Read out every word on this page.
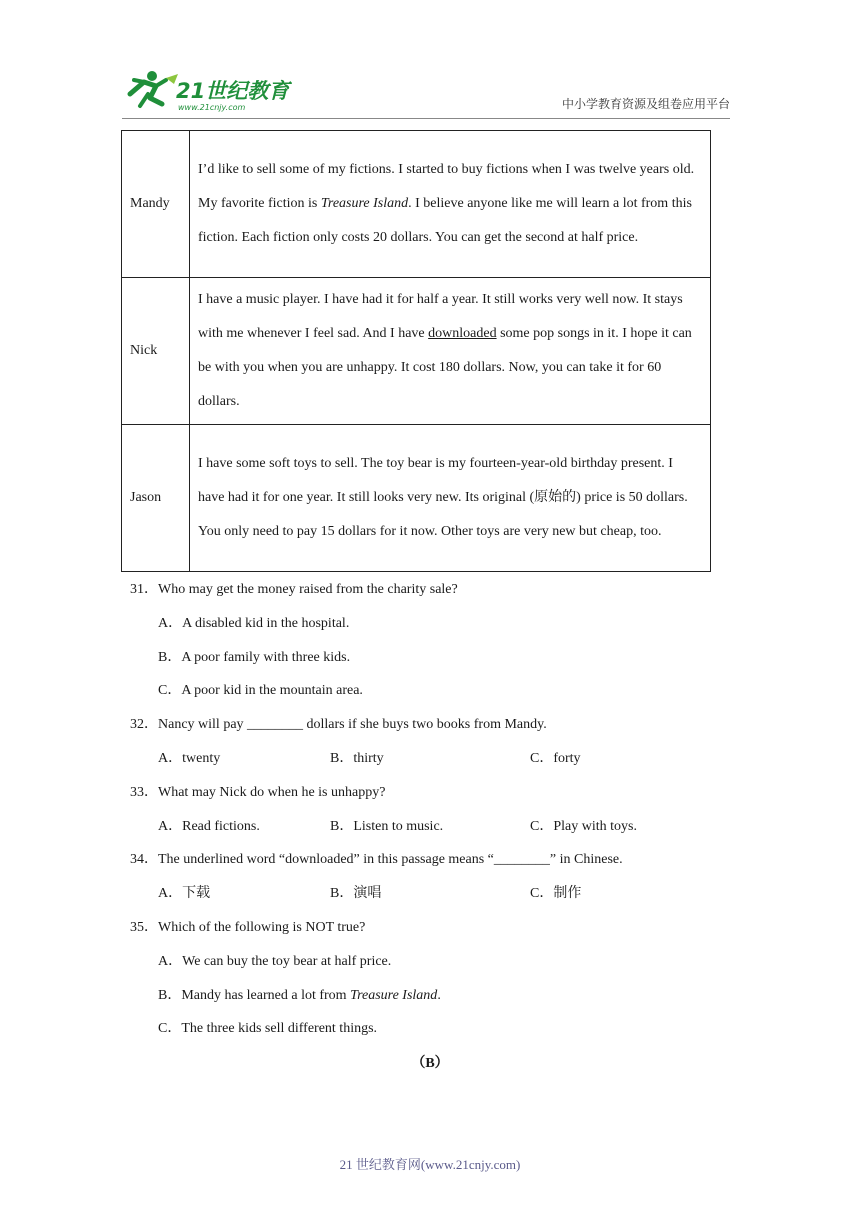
21世纪教育
www.21cnjy.com	中小学教育资源及组卷应用平台
Mandy	I’d like to sell some of my fictions. I started to buy fictions when I was twelve years old. My favorite fiction is Treasure Island. I believe anyone like me will learn a lot from this fiction. Each fiction only costs 20 dollars. You can get the second at half price.
Nick	I have a music player. I have had it for half a year. It still works very well now. It stays with me whenever I feel sad. And I have downloaded some pop songs in it. I hope it can be with you when you are unhappy. It cost 180 dollars. Now, you can take it for 60 dollars.
Jason	I have some soft toys to sell. The toy bear is my fourteen-year-old birthday present. I have had it for one year. It still looks very new. Its original (原始的) price is 50 dollars. You only need to pay 15 dollars for it now. Other toys are very new but cheap, too.
31．Who may get the money raised from the charity sale?
A．A disabled kid in the hospital.
B．A poor family with three kids.
C．A poor kid in the mountain area.
32．Nancy will pay ________ dollars if she buys two books from Mandy.
A．twenty	B．thirty	C．forty
33．What may Nick do when he is unhappy?
A．Read fictions.	B．Listen to music.	C．Play with toys.
34．The underlined word “downloaded” in this passage means “________” in Chinese.
A．下载	B．演唱	C．制作
35．Which of the following is NOT true?
A．We can buy the toy bear at half price.
B．Mandy has learned a lot from Treasure Island.
C．The three kids sell different things.
（B）
21 世纪教育网(www.21cnjy.com)
